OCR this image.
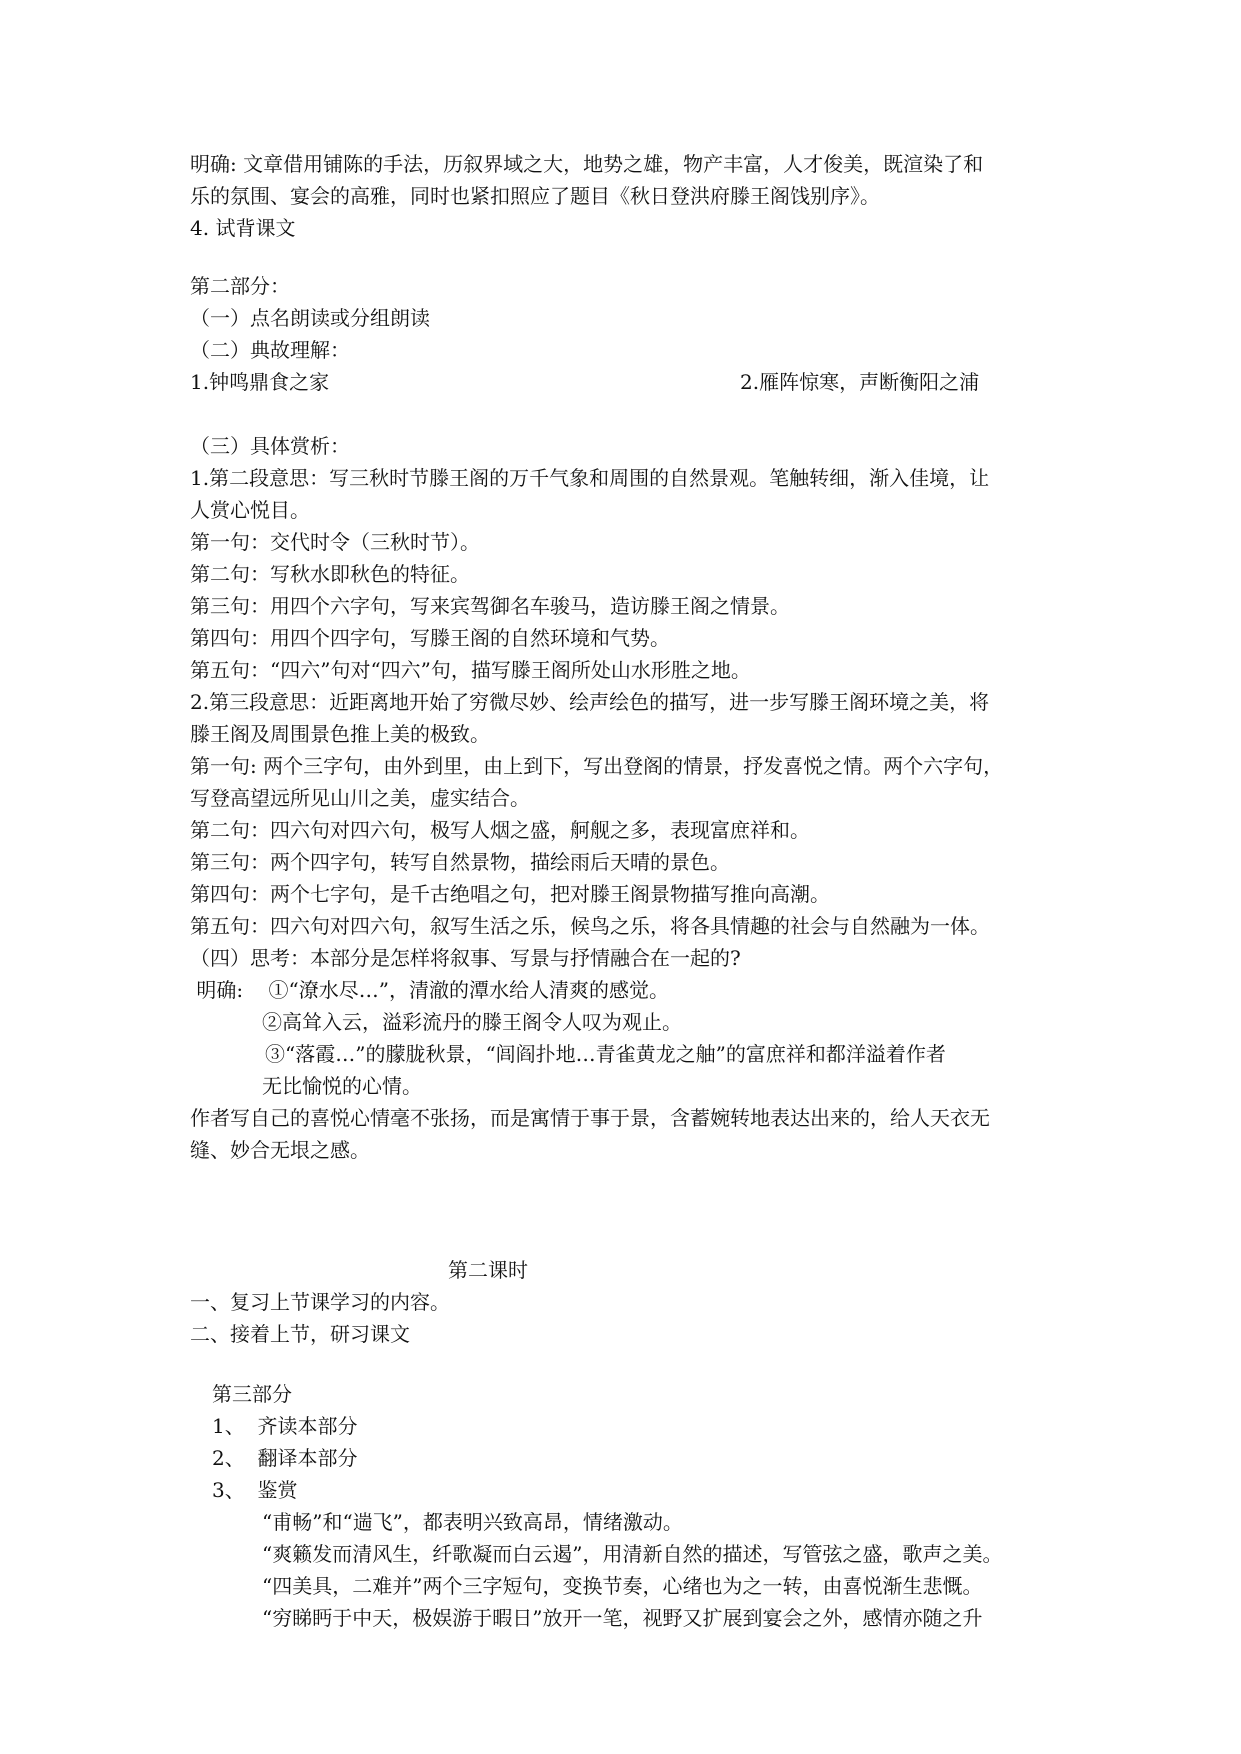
明确: 文章借用铺陈的手法，历叙界域之大，地势之雄，物产丰富，人才俊美，既渲染了和
乐的氛围、宴会的高雅，同时也紧扣照应了题目《秋日登洪府滕王阁饯别序》。
4. 试背课文
第二部分：
（一）点名朗读或分组朗读
（二）典故理解：
1.钟鸣鼎食之家	2.雁阵惊寒，声断衡阳之浦
（三）具体赏析：
1.第二段意思：写三秋时节滕王阁的万千气象和周围的自然景观。笔触转细，渐入佳境，让
人赏心悦目。
第一句：交代时令（三秋时节）。
第二句：写秋水即秋色的特征。
第三句：用四个六字句，写来宾驾御名车骏马，造访滕王阁之情景。
第四句：用四个四字句，写滕王阁的自然环境和气势。
第五句：“四六”句对“四六”句，描写滕王阁所处山水形胜之地。
2.第三段意思：近距离地开始了穷微尽妙、绘声绘色的描写，进一步写滕王阁环境之美，将
滕王阁及周围景色推上美的极致。
第一句: 两个三字句，由外到里，由上到下，写出登阁的情景，抒发喜悦之情。两个六字句，
写登高望远所见山川之美，虚实结合。
第二句：四六句对四六句，极写人烟之盛，舸舰之多，表现富庶祥和。
第三句：两个四字句，转写自然景物，描绘雨后天晴的景色。
第四句：两个七字句，是千古绝唱之句，把对滕王阁景物描写推向高潮。
第五句：四六句对四六句，叙写生活之乐，候鸟之乐，将各具情趣的社会与自然融为一体。
（四）思考：本部分是怎样将叙事、写景与抒情融合在一起的?
明确:    ①“潦水尽…”，清澈的潭水给人清爽的感觉。
②高耸入云，溢彩流丹的滕王阁令人叹为观止。
③“落霞…”的朦胧秋景，“闾阎扑地…青雀黄龙之舳”的富庶祥和都洋溢着作者
无比愉悦的心情。
作者写自己的喜悦心情毫不张扬，而是寓情于事于景，含蓄婉转地表达出来的，给人天衣无
缝、妙合无垠之感。
第二课时
一、复习上节课学习的内容。
二、接着上节，研习课文
第三部分
1、  齐读本部分
2、  翻译本部分
3、  鉴赏
“甫畅”和“遄飞”，都表明兴致高昂，情绪激动。
“爽籁发而清风生，纤歌凝而白云遏”，用清新自然的描述，写管弦之盛，歌声之美。
“四美具，二难并”两个三字短句，变换节奏，心绪也为之一转，由喜悦渐生悲慨。
“穷睇眄于中天，极娱游于暇日”放开一笔，视野又扩展到宴会之外，感情亦随之升
